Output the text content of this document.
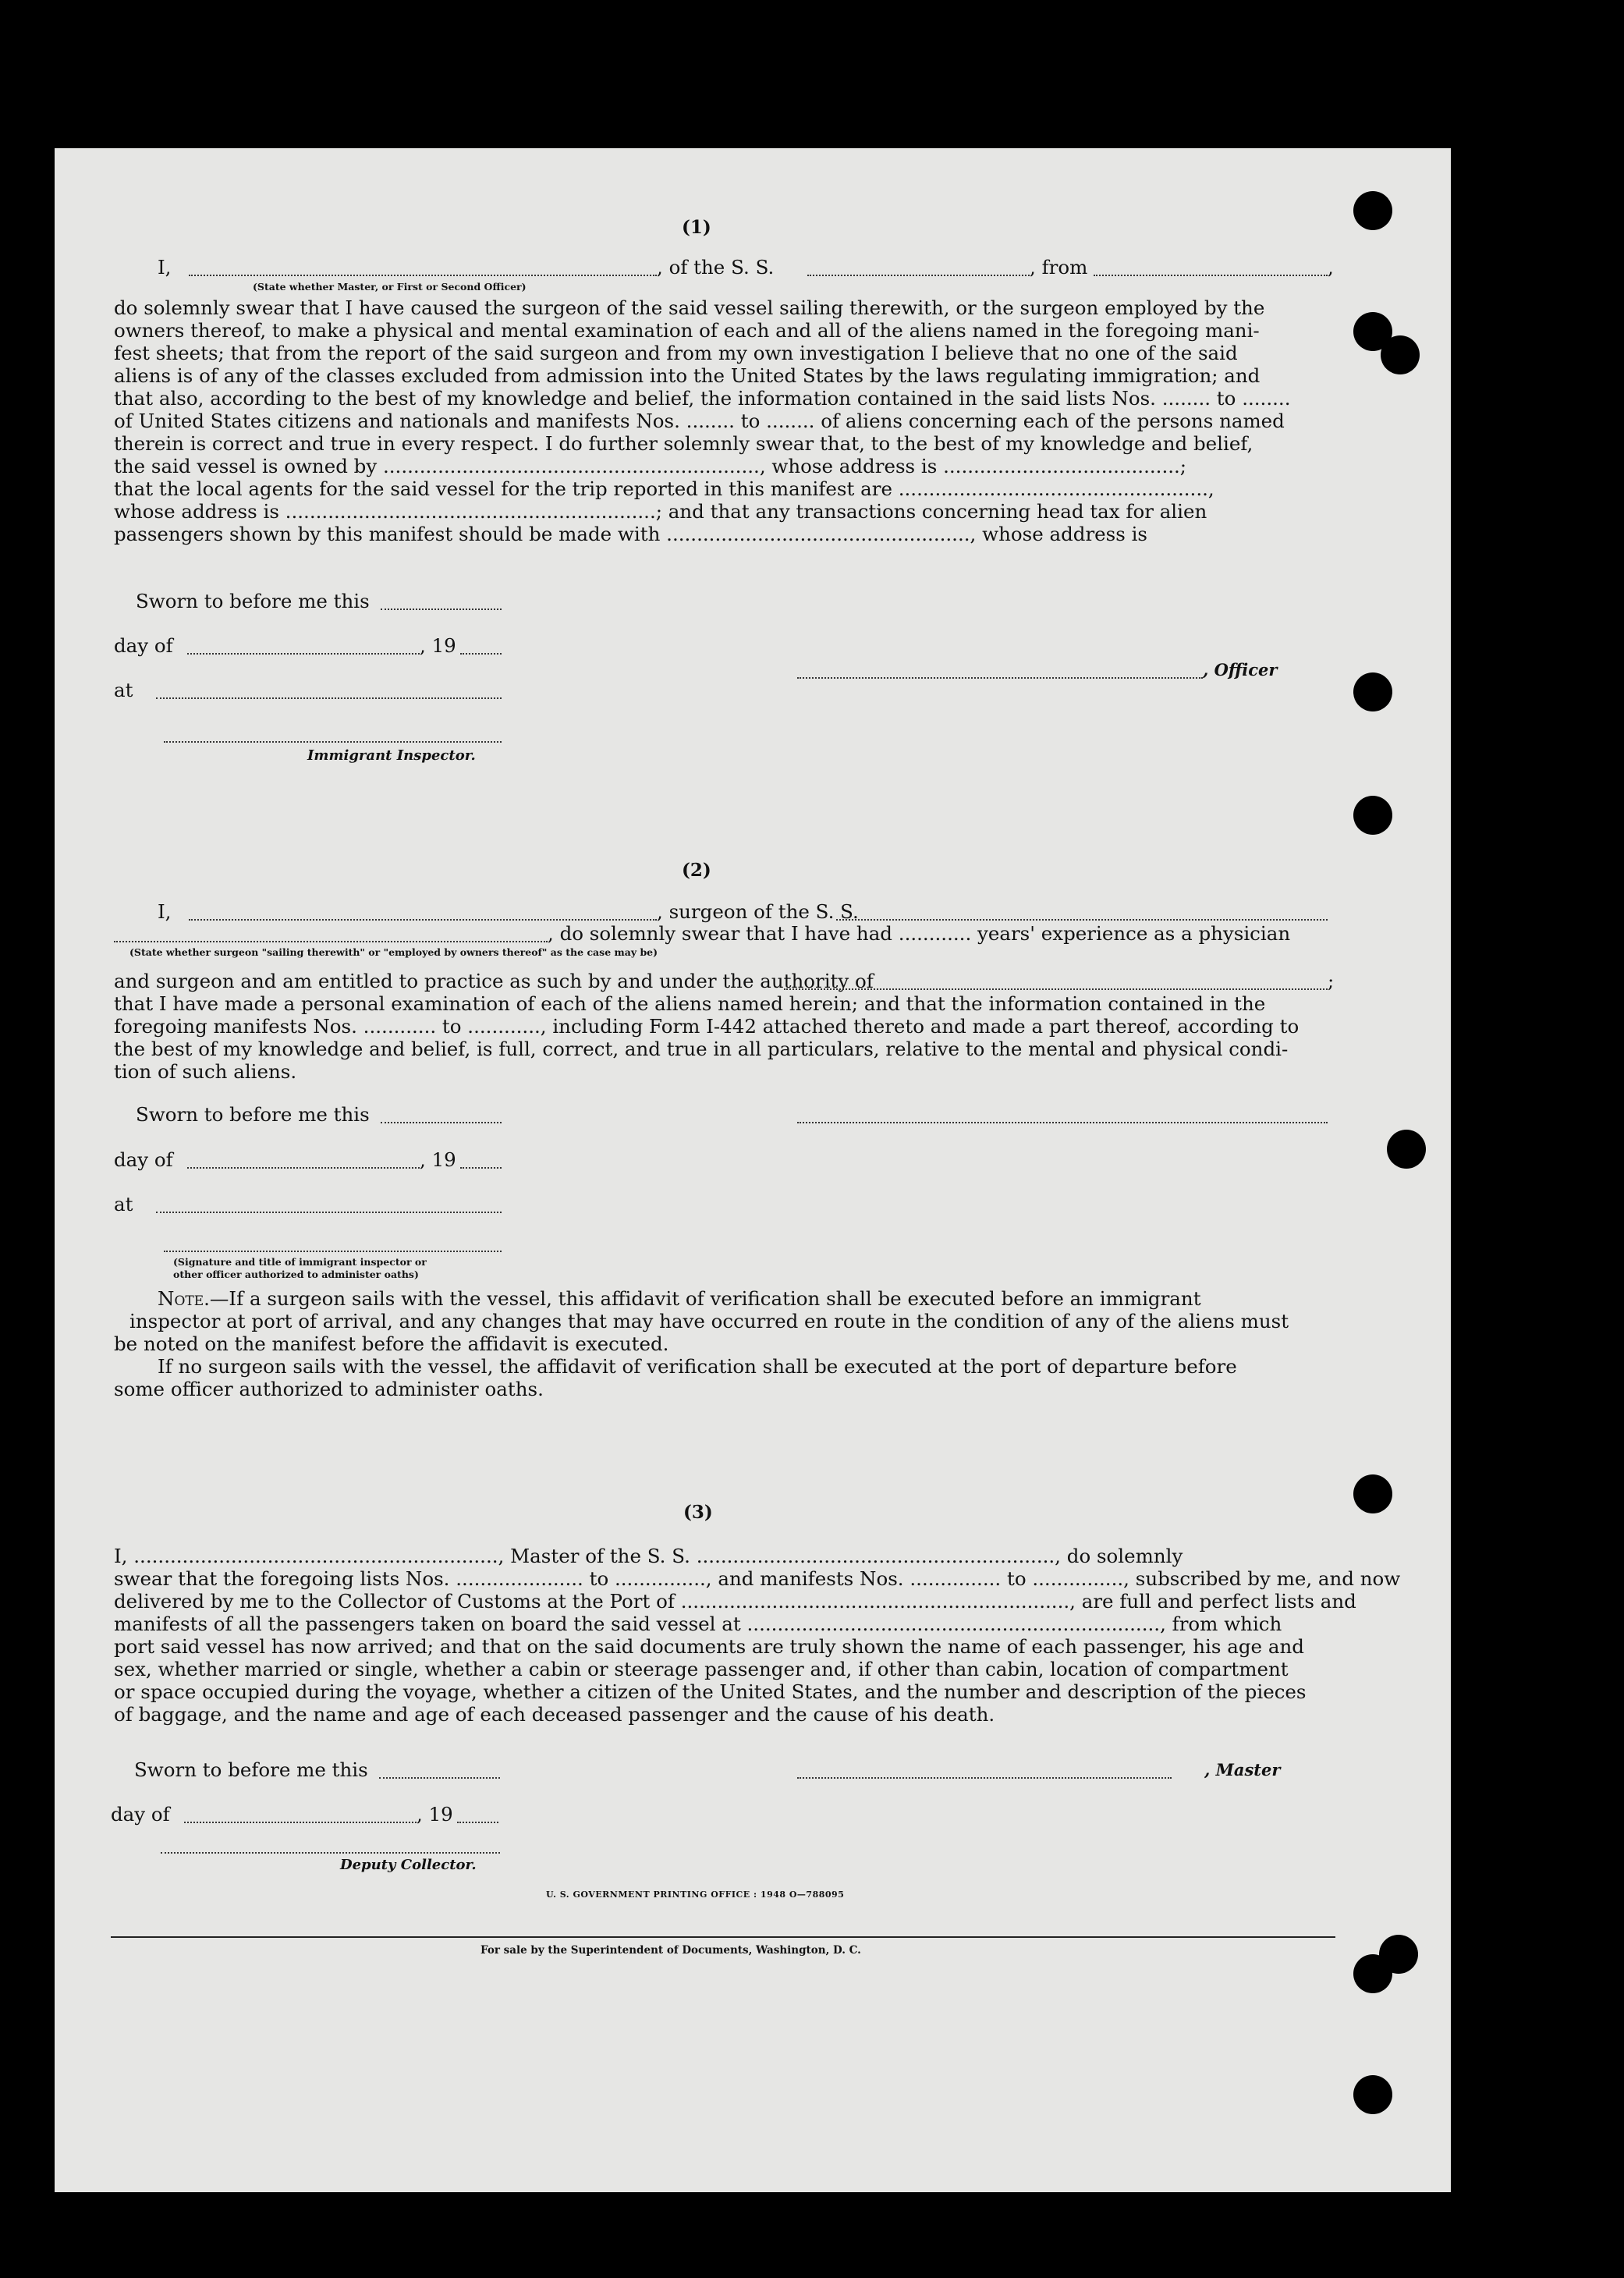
(1)
I,	, of the S. S.	, from	,
(State whether Master, or First or Second Officer)
do solemnly swear that I have caused the surgeon of the said vessel sailing therewith, or the surgeon employed by the
owners thereof, to make a physical and mental examination of each and all of the aliens named in the foregoing mani-
fest sheets; that from the report of the said surgeon and from my own investigation I believe that no one of the said
aliens is of any of the classes excluded from admission into the United States by the laws regulating immigration; and
that also, according to the best of my knowledge and belief, the information contained in the said lists Nos. ........ to ........
of United States citizens and nationals and manifests Nos. ........ to ........ of aliens concerning each of the persons named
therein is correct and true in every respect. I do further solemnly swear that, to the best of my knowledge and belief,
the said vessel is owned by .............................................................., whose address is .......................................;
that the local agents for the said vessel for the trip reported in this manifest are ...................................................,
whose address is .............................................................; and that any transactions concerning head tax for alien
passengers shown by this manifest should be made with .................................................., whose address is
Sworn to before me this
day of	, 19
at
, Officer
Immigrant Inspector.
(2)
I,	, surgeon of the S. S.
, do solemnly swear that I have had ............ years' experience as a physician
(State whether surgeon "sailing therewith" or "employed by owners thereof" as the case may be)
and surgeon and am entitled to practice as such by and under the authority of	;
that I have made a personal examination of each of the aliens named herein; and that the information contained in the
foregoing manifests Nos. ............ to ............, including Form I-442 attached thereto and made a part thereof, according to
the best of my knowledge and belief, is full, correct, and true in all particulars, relative to the mental and physical condi-
tion of such aliens.
Sworn to before me this
day of	, 19
at
(Signature and title of immigrant inspector or
other officer authorized to administer oaths)
Note.—If a surgeon sails with the vessel, this affidavit of verification shall be executed before an immigrant
inspector at port of arrival, and any changes that may have occurred en route in the condition of any of the aliens must
be noted on the manifest before the affidavit is executed.
If no surgeon sails with the vessel, the affidavit of verification shall be executed at the port of departure before
some officer authorized to administer oaths.
(3)
I, ............................................................, Master of the S. S. ..........................................................., do solemnly
swear that the foregoing lists Nos. ..................... to ..............., and manifests Nos. ............... to ..............., subscribed by me, and now
delivered by me to the Collector of Customs at the Port of ................................................................, are full and perfect lists and
manifests of all the passengers taken on board the said vessel at ...................................................................., from which
port said vessel has now arrived; and that on the said documents are truly shown the name of each passenger, his age and
sex, whether married or single, whether a cabin or steerage passenger and, if other than cabin, location of compartment
or space occupied during the voyage, whether a citizen of the United States, and the number and description of the pieces
of baggage, and the name and age of each deceased passenger and the cause of his death.
Sworn to before me this	, Master
day of	, 19
Deputy Collector.
U. S. GOVERNMENT PRINTING OFFICE : 1948 O—788095
For sale by the Superintendent of Documents, Washington, D. C.
